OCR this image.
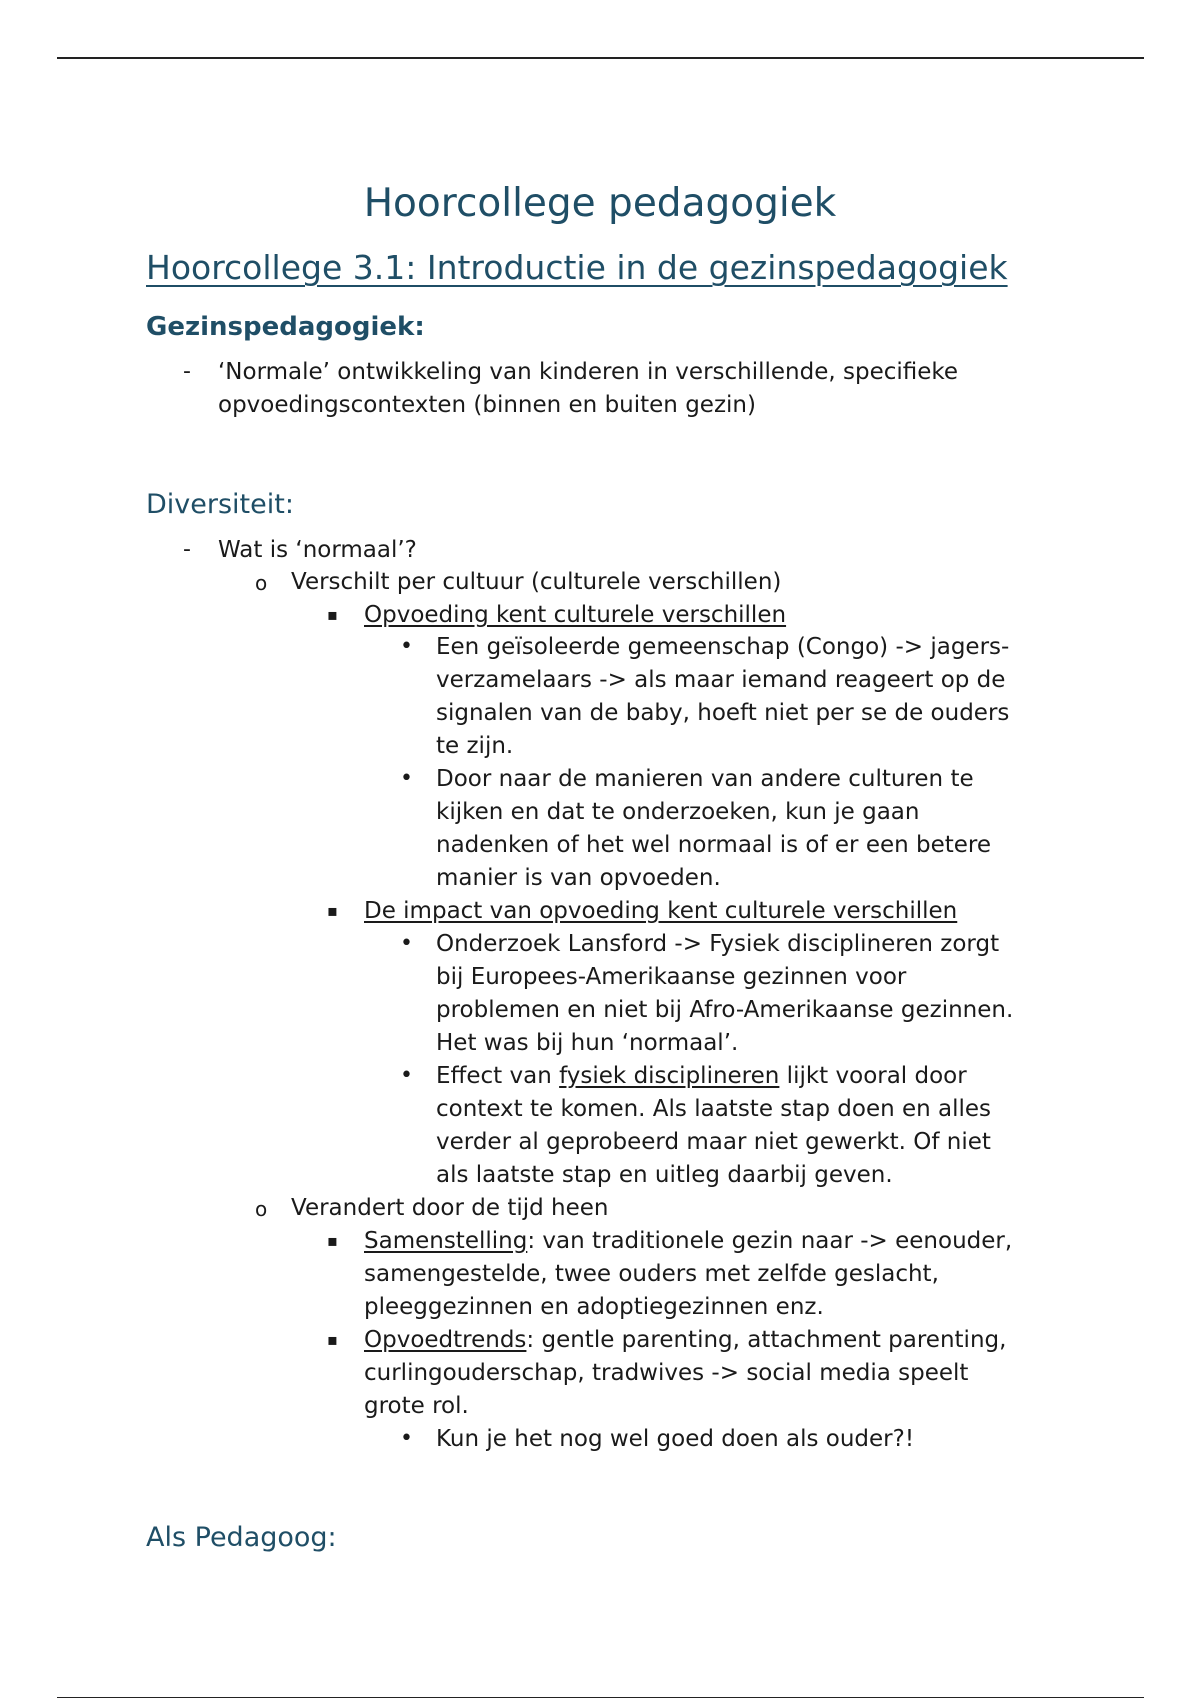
Hoorcollege pedagogiek
Hoorcollege 3.1: Introductie in de gezinspedagogiek
Gezinspedagogiek:
- ‘Normale’ ontwikkeling van kinderen in verschillende, specifieke
opvoedingscontexten (binnen en buiten gezin)
Diversiteit:
- Wat is ‘normaal’?
o Verschilt per cultuur (culturele verschillen)
▪ Opvoeding kent culturele verschillen
• Een geïsoleerde gemeenschap (Congo) -> jagers-
verzamelaars -> als maar iemand reageert op de
signalen van de baby, hoeft niet per se de ouders
te zijn.
• Door naar de manieren van andere culturen te
kijken en dat te onderzoeken, kun je gaan
nadenken of het wel normaal is of er een betere
manier is van opvoeden.
▪ De impact van opvoeding kent culturele verschillen
• Onderzoek Lansford -> Fysiek disciplineren zorgt
bij Europees-Amerikaanse gezinnen voor
problemen en niet bij Afro-Amerikaanse gezinnen.
Het was bij hun ‘normaal’.
• Effect van fysiek disciplineren lijkt vooral door
context te komen. Als laatste stap doen en alles
verder al geprobeerd maar niet gewerkt. Of niet
als laatste stap en uitleg daarbij geven.
o Verandert door de tijd heen
▪ Samenstelling: van traditionele gezin naar -> eenouder,
samengestelde, twee ouders met zelfde geslacht,
pleeggezinnen en adoptiegezinnen enz.
▪ Opvoedtrends: gentle parenting, attachment parenting,
curlingouderschap, tradwives -> social media speelt
grote rol.
• Kun je het nog wel goed doen als ouder?!
Als Pedagoog:
